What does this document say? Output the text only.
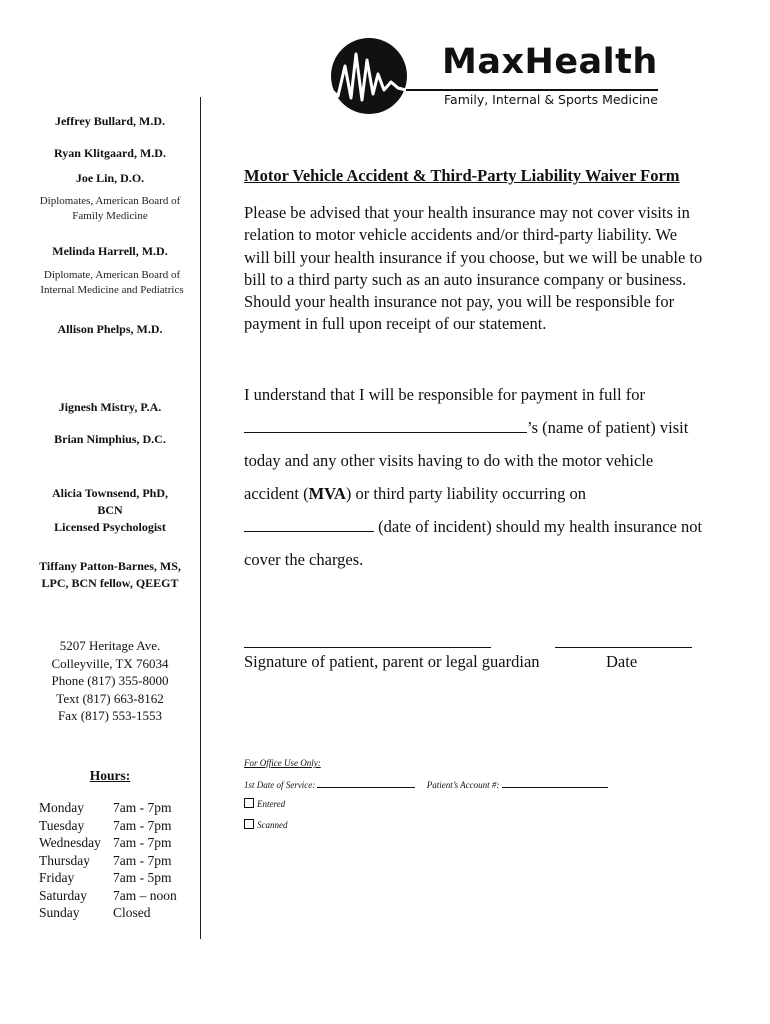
MaxHealth
Family, Internal & Sports Medicine
Jeffrey Bullard, M.D.
Ryan Klitgaard, M.D.
Joe Lin, D.O.
Diplomates, American Board of Family Medicine
Melinda Harrell, M.D.
Diplomate, American Board of Internal Medicine and Pediatrics
Allison Phelps, M.D.
Jignesh Mistry, P.A.
Brian Nimphius, D.C.
Alicia Townsend, PhD,
BCN
Licensed Psychologist
Tiffany Patton-Barnes, MS,
LPC, BCN fellow, QEEGT
5207 Heritage Ave.
Colleyville, TX 76034
Phone (817) 355-8000
Text (817) 663-8162
Fax (817) 553-1553
Hours:
Monday	7am - 7pm
Tuesday	7am - 7pm
Wednesday 7am - 7pm
Thursday	7am - 7pm
Friday	7am - 5pm
Saturday	7am – noon
Sunday	Closed
Motor Vehicle Accident & Third-Party Liability Waiver Form
Please be advised that your health insurance may not cover visits in
relation to motor vehicle accidents and/or third-party liability. We
will bill your health insurance if you choose, but we will be unable to
bill to a third party such as an auto insurance company or business.
Should your health insurance not pay, you will be responsible for
payment in full upon receipt of our statement.
I understand that I will be responsible for payment in full for
’s (name of patient) visit
today and any other visits having to do with the motor vehicle
accident (MVA) or third party liability occurring on
(date of incident) should my health insurance not
cover the charges.
Signature of patient, parent or legal guardian	Date
For Office Use Only:
1st Date of Service:	Patient’s Account #:
Entered
Scanned
